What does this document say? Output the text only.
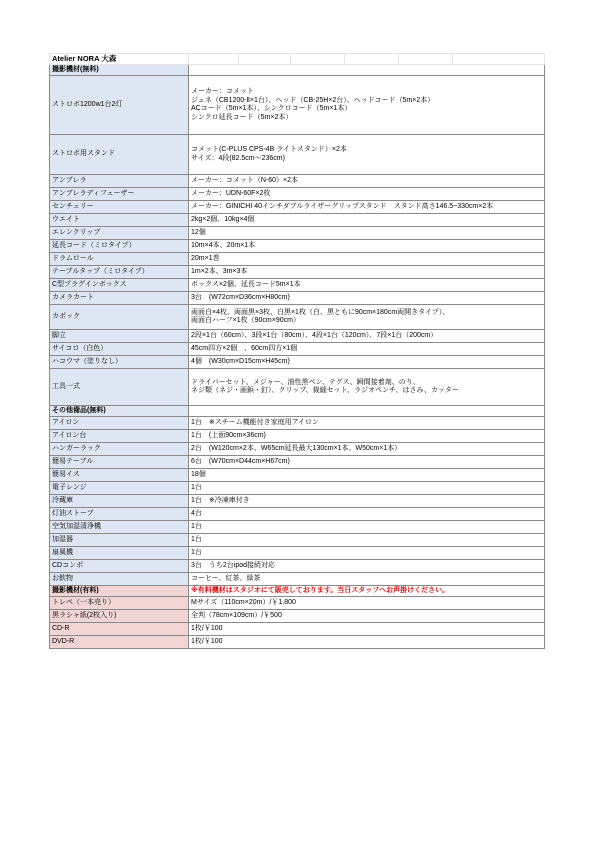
Atelier NORA 大森						
撮影機材(無料)						
ストロボ1200w1台2灯	メーカー：コメット
ジェネ（CB1200-Ⅱ×1台）、ヘッド（CB-25H×2台）、ヘッドコード（5m×2本）
ACコード（5m×1本）、シンクロコード（5m×1本）
シンクロ延長コード（5m×2本）					

ストロボ用スタンド	コメット(C-PLUS CPS-4B ライトスタンド）×2本
サイズ：4段(82.5cm〜236cm)					

アンブレラ	メーカー：コメット（N-60）×2本					

アンブレラディフューザー	メーカー：UDN-60F×2枚					

センチュリー	メーカー：GINICHI 40インチダブルライザーグリップスタンド　スタンド高さ146.5~330cm×2本					

ウエイト	2kg×2個、10kg×4個					

エレンクリップ	12個					

延長コード（ミロタイプ）	10m×4本、20m×1本					

ドラムロール	20m×1巻					

テーブルタップ（ミロタイプ）	1m×2本、3m×3本					

C型プラグインボックス	ボックス×2個、延長コード5m×1本					

カメラカート	3台　(W72cm×D36cm×H80cm)					

カポック	両面白×4枚、両面黒×3枚、白黒×1枚（白、黒ともに90cm×180cm両開きタイプ）、
両面白ハーフ×1枚（90cm×90cm）					

脚立	2段×1台（60cm）、3段×1台（80cm）、4段×1台（120cm）、7段×1台（200cm）					

サイコロ（白色）	45cm四方×2個　、60cm四方×1個					

ハコウマ（塗りなし）	4個　(W30cm×D15cm×H45cm)					

工具一式	ドライバーセット、メジャー、油性黒ペン、テグス、瞬間接着剤、のり、
ネジ類（ネジ・画鋲・釘）、クリップ、裁縫セット、ラジオペンチ、はさみ、カッター					

その他備品(無料)						
アイロン	1台　※スチーム機能付き家庭用アイロン					
アイロン台	1台　(上面90cm×36cm)					
ハンガーラック	2台　(W120cm×2本、W65cm延長最大130cm×1本、W50cm×1本）					
簡易テーブル	6台　(W70cm×D44cm×H67cm)					
簡易イス	18個					
電子レンジ	1台					
冷蔵庫	1台　※冷凍庫付き					
灯油ストーブ	4台					
空気加湿清浄機	1台					
加湿器	1台					
扇風機	1台					
CDコンポ	3台　うち2台ipod接続対応					
お飲物	コーヒー、紅茶、緑茶					
撮影機材(有料)	※有料機材はスタジオにて販売しております。当日スタッフへお声掛けください。					
トレペ（一本売り）	Mサイズ（110cm×20m）/￥1,800					
黒ラシャ紙(2枚入り)	全判（78cm×109cm）/￥500					
CD-R	1枚/￥100					
DVD-R	1枚/￥100					
